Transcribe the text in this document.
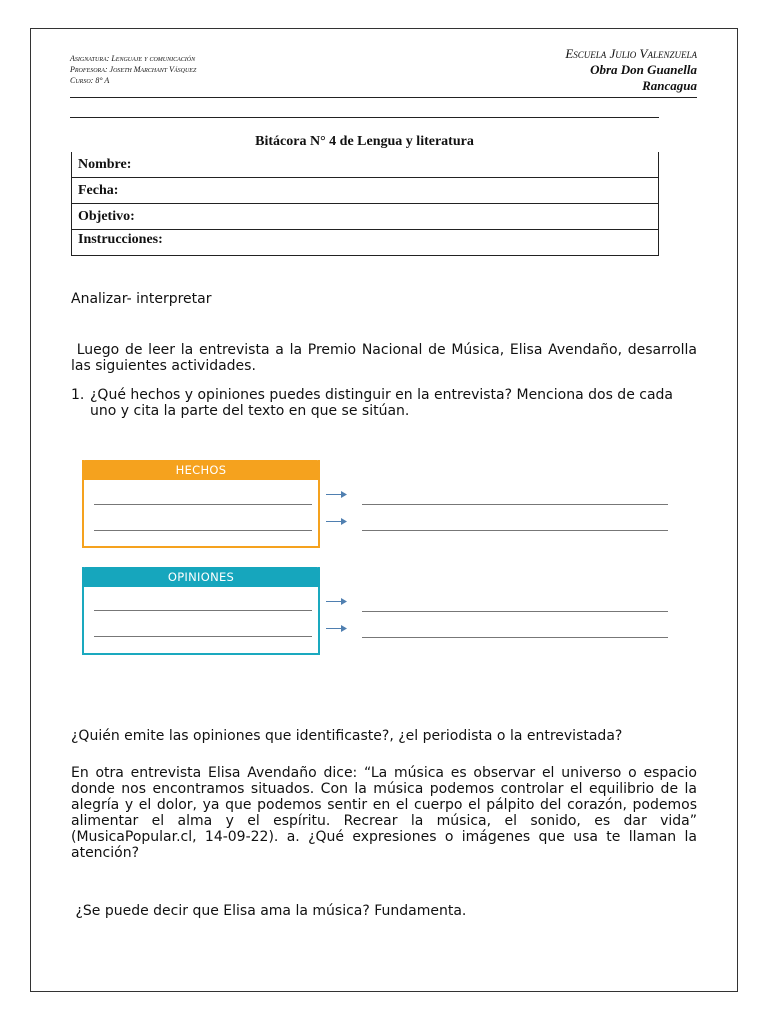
Asignatura: Lenguaje y comunicación
Profesora: Joseth Marchant Vásquez
Curso: 8° A
Escuela Julio Valenzuela
Obra Don Guanella
Rancagua
Bitácora N° 4 de Lengua y literatura
Nombre:
Fecha:
Objetivo:
Instrucciones:
Analizar- interpretar
Luego de leer la entrevista a la Premio Nacional de Música, Elisa Avendaño, desarrolla las siguientes actividades.
1. ¿Qué hechos y opiniones puedes distinguir en la entrevista? Menciona dos de cada uno y cita la parte del texto en que se sitúan.
HECHOS
OPINIONES
¿Quién emite las opiniones que identificaste?, ¿el periodista o la entrevistada?
En otra entrevista Elisa Avendaño dice: “La música es observar el universo o espacio donde nos encontramos situados. Con la música podemos controlar el equilibrio de la alegría y el dolor, ya que podemos sentir en el cuerpo el pálpito del corazón, podemos alimentar el alma y el espíritu. Recrear la música, el sonido, es dar vida” (MusicaPopular.cl, 14-09-22). a. ¿Qué expresiones o imágenes que usa te llaman la atención?
¿Se puede decir que Elisa ama la música? Fundamenta.
